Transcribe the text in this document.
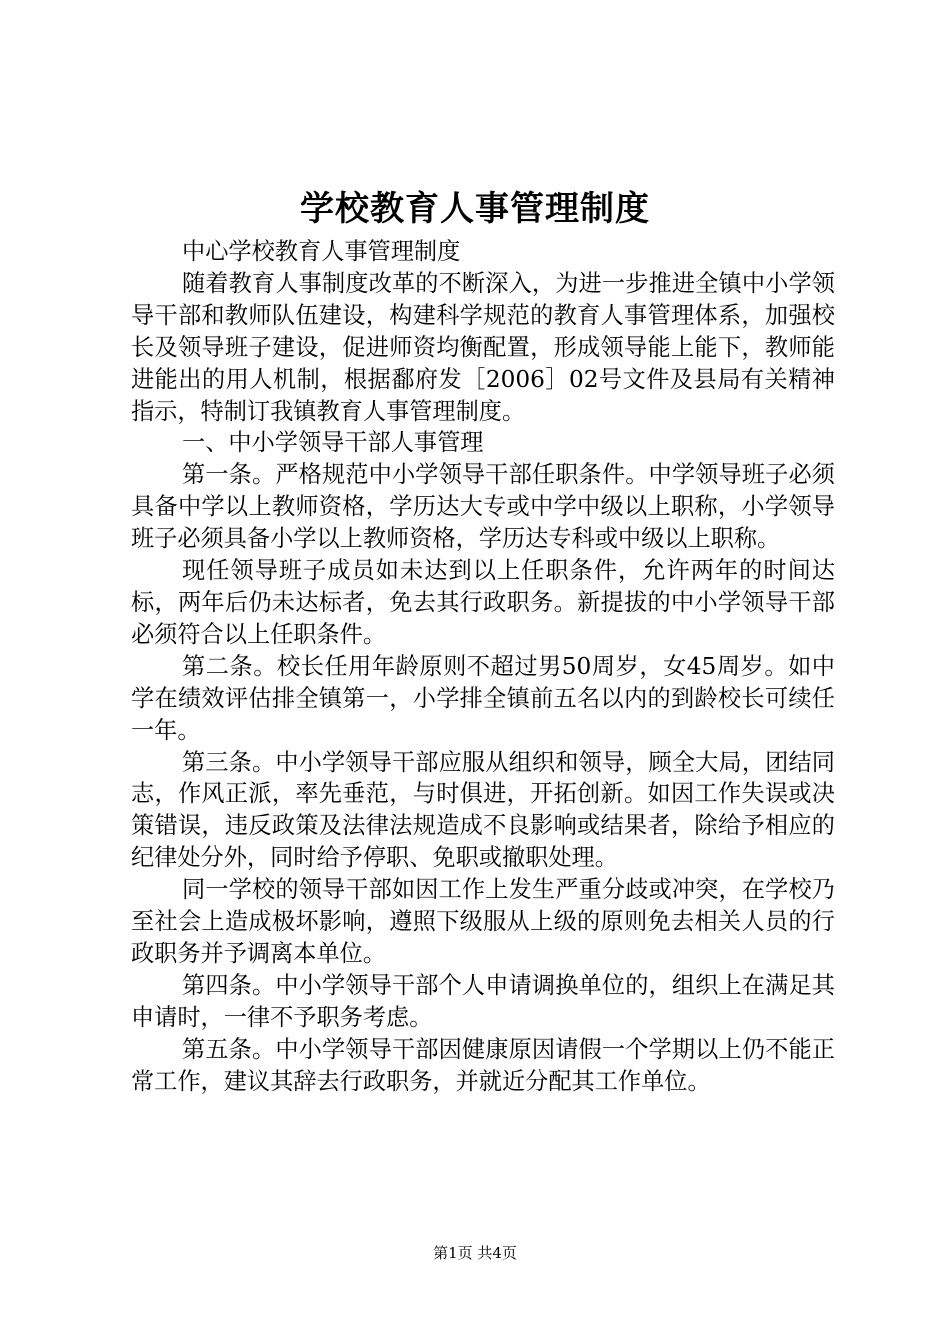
学校教育人事管理制度

中心学校教育人事管理制度

随着教育人事制度改革的不断深入，为进一步推进全镇中小学领导干部和教师队伍建设，构建科学规范的教育人事管理体系，加强校长及领导班子建设，促进师资均衡配置，形成领导能上能下，教师能进能出的用人机制，根据鄱府发［2006］02号文件及县局有关精神指示，特制订我镇教育人事管理制度。

一、中小学领导干部人事管理

第一条。严格规范中小学领导干部任职条件。中学领导班子必须具备中学以上教师资格，学历达大专或中学中级以上职称，小学领导班子必须具备小学以上教师资格，学历达专科或中级以上职称。

现任领导班子成员如未达到以上任职条件，允许两年的时间达标，两年后仍未达标者，免去其行政职务。新提拔的中小学领导干部必须符合以上任职条件。

第二条。校长任用年龄原则不超过男50周岁，女45周岁。如中学在绩效评估排全镇第一，小学排全镇前五名以内的到龄校长可续任一年。

第三条。中小学领导干部应服从组织和领导，顾全大局，团结同志，作风正派，率先垂范，与时俱进，开拓创新。如因工作失误或决策错误，违反政策及法律法规造成不良影响或结果者，除给予相应的纪律处分外，同时给予停职、免职或撤职处理。

同一学校的领导干部如因工作上发生严重分歧或冲突，在学校乃至社会上造成极坏影响，遵照下级服从上级的原则免去相关人员的行政职务并予调离本单位。

第四条。中小学领导干部个人申请调换单位的，组织上在满足其申请时，一律不予职务考虑。

第五条。中小学领导干部因健康原因请假一个学期以上仍不能正常工作，建议其辞去行政职务，并就近分配其工作单位。

第1页 共4页
